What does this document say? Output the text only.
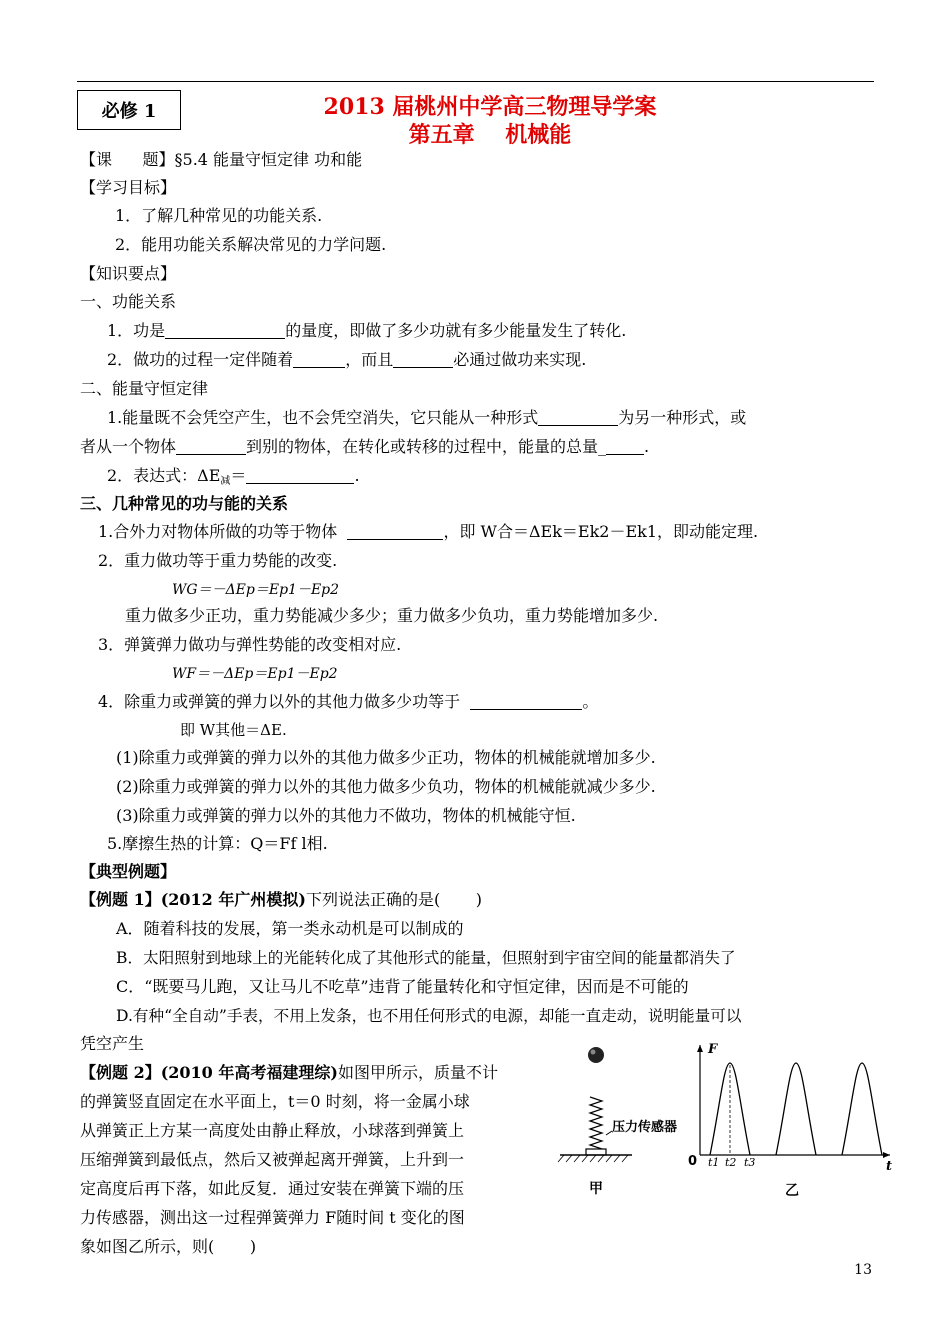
必修 1	2013 届桃州中学高三物理导学案
第五章    机械能
【课      题】§5.4 能量守恒定律 功和能
【学习目标】
1．了解几种常见的功能关系.
2．能用功能关系解决常见的力学问题.
【知识要点】
一、功能关系
1．功是	的量度，即做了多少功就有多少能量发生了转化.
2．做功的过程一定伴随着	，而且	必通过做功来实现.
二、能量守恒定律
1.能量既不会凭空产生，也不会凭空消失，它只能从一种形式	为另一种形式，或
者从一个物体	到别的物体，在转化或转移的过程中，能量的总量_ .
2．表达式：$\Delta E_减=$	.
三、几种常见的功与能的关系
1.合外力对物体所做的功等于物体	，即 W合＝ΔEk＝Ek2－Ek1，即动能定理.
2．重力做功等于重力势能的改变.
WG＝－ΔEp＝Ep1－Ep2
重力做多少正功，重力势能减少多少；重力做多少负功，重力势能增加多少.
3．弹簧弹力做功与弹性势能的改变相对应.
WF＝－ΔEp＝Ep1－Ep2
4．除重力或弹簧的弹力以外的其他力做多少功等于	。
即 W其他＝ΔE.
(1)除重力或弹簧的弹力以外的其他力做多少正功，物体的机械能就增加多少.
(2)除重力或弹簧的弹力以外的其他力做多少负功，物体的机械能就减少多少.
(3)除重力或弹簧的弹力以外的其他力不做功，物体的机械能守恒.
5.摩擦生热的计算：Q＝Ff l相.
【典型例题】
【例题 1】(2012 年广州模拟)下列说法正确的是(       )
A．随着科技的发展，第一类永动机是可以制成的
B．太阳照射到地球上的光能转化成了其他形式的能量，但照射到宇宙空间的能量都消失了
C．“既要马儿跑，又让马儿不吃草”违背了能量转化和守恒定律，因而是不可能的
D.有种“全自动”手表，不用上发条，也不用任何形式的电源，却能一直走动，说明能量可以
凭空产生
【例题 2】(2010 年高考福建理综)如图甲所示，质量不计
的弹簧竖直固定在水平面上，t＝0 时刻，将一金属小球
从弹簧正上方某一高度处由静止释放，小球落到弹簧上
压缩弹簧到最低点，然后又被弹起离开弹簧，上升到一
定高度后再下落，如此反复．通过安装在弹簧下端的压
力传感器，测出这一过程弹簧弹力 F随时间 t 变化的图
象如图乙所示，则(       )
压力传感器
甲
F
t
0 t1 t2 t3
乙
13
